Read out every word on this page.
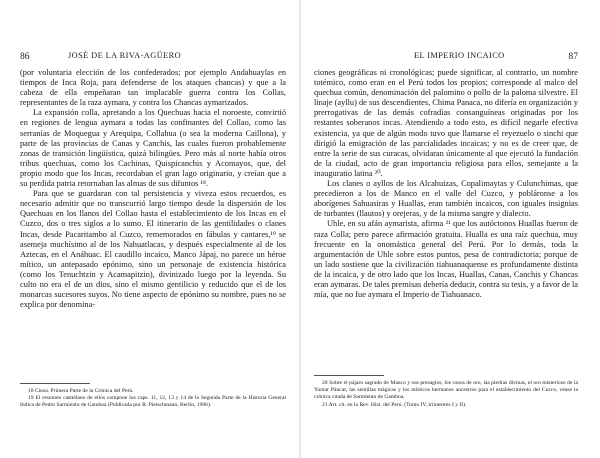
86	JOSÉ DE LA RIVA-AGÜERO

(por voluntaria elección de los confederados; por ejemplo Andahuaylas en tiempos de Inca Roja, para defenderse de los ataques chancas) y que a la cabeza de ella empeñaran tan implacable guerra contra los Collas, representantes de la raza aymara, y contra los Chancas aymarizados.

La expansión colla, apretando a los Quechuas hacia el noroeste, convirtió en regiones de lengua aymara a todas las confinantes del Collao, como las serranías de Moquegua y Arequipa, Collahua (o sea la moderna Caillona), y parte de las provincias de Canas y Canchis, las cuales fueron probablemente zonas de transición lingüística, quizá bilingües. Pero más al norte había otros tribus quechuas, como los Cachinas, Quispicanchis y Acomayos, que, del propio modo que los Incas, recordaban el gran lago originario, y creían que a su perdida patria retornaban las almas de sus difuntos ¹⁸.

Para que se guardaran con tal persistencia y viveza estos recuerdos, es necesario admitir que no transcurrió largo tiempo desde la dispersión de los Quechuas en los llanos del Collao hasta el establecimiento de los Incas en el Cuzco, dos o tres siglos a lo sumo. El itinerario de las gentilidades o clanes Incas, desde Pacaritambo al Cuzco, rememorados en fábulas y cantares,¹⁹ se asemeja muchísimo al de los Nahuatlacas, y después especialmente al de los Aztecas, en el Anáhuac. El caudillo incaico, Manco Jápaj, no parece un héroe mítico, un antepasado epónimo, sino un personaje de existencia histórica (como los Tenuchtzin y Acamapitzin), divinizado luego por la leyenda. Su culto no era el de un dios, sino el mismo gentilicio y reducido que el de los monarcas sucesores suyos. No tiene aspecto de epónimo su nombre, pues no se explica por denomina-

18 Cieza. Primera Parte de la Crónica del Perú.

19 El resumen castellano de ellos compone los caps. 11, 12, 13 y 14 de la Segunda Parte de la Historia General Indica de Pedro Sarmiento de Gamboa (Publicada por R. Pietschmann, Berlín, 1906).

EL IMPERIO INCAICO	87

ciones geográficas ni cronológicas; puede significar, al contrario, un nombre totémico, como eran en el Perú todos los propios; corresponde al malco del quechua común, denominación del palomino o pollo de la paloma silvestre. El linaje (ayllu) de sus descendientes, Chima Panaca, no difería en organización y prerrogativas de las demás cofradías consanguíneas originadas por los restantes soberanos incas. Atendiendo a todo esto, es difícil negarle efectiva existencia, ya que de algún modo tuvo que llamarse el reyezuelo o sinchi que dirigió la emigración de las parcialidades incaicas; y no es de creer que, de entre la serie de sus curacas, olvidaran únicamente al que ejecutó la fundación de la ciudad, acto de gran importancia religiosa para ellos, semejante a la inauguratio latina ²⁰.

Los clanes o ayllos de los Alcahuizas, Copalimaytas y Culunchimas, que precedieron a los de Manco en el valle del Cuzco, y pobláronse a los aborígenes Sahuasiras y Huallas, eran también incaicos, con iguales insignias de turbantes (llautos) y orejeras, y de la misma sangre y dialecto.

Uhle, en su afán aymarista, afirma ²¹ que los autóctonos Huallas fueron de raza Colla; pero parece afirmación gratuita. Hualla es una raíz quechua, muy frecuente en la onomástica general del Perú. Por lo demás, toda la argumentación de Uhle sobre estos puntos, pesa de contradictoria; porque de un lado sostiene que la civilización tiahuanaquense es profundamente distinta de la incaica, y de otro lado que los Incas, Huallas, Canas, Canchis y Chancas eran aymaras. De tales premisas debería deducir, contra su tesis, y a favor de la mía, que no fue aymara el Imperio de Tiahuanaco.

20 Sobre el pájaro sagrado de Manco y sus presagios, los vasos de oro, las piedras divinas, el oro misterioso de la Yuntar Páucar, las semillas mágicas y los místicos hermanos ancestros para el establecimiento del Cuzco, véase la crónica citada de Sarmiento de Gamboa.

21 Art. cit. en la Rev. Hist. del Perú. (Tomo IV, trimestres I y II).
